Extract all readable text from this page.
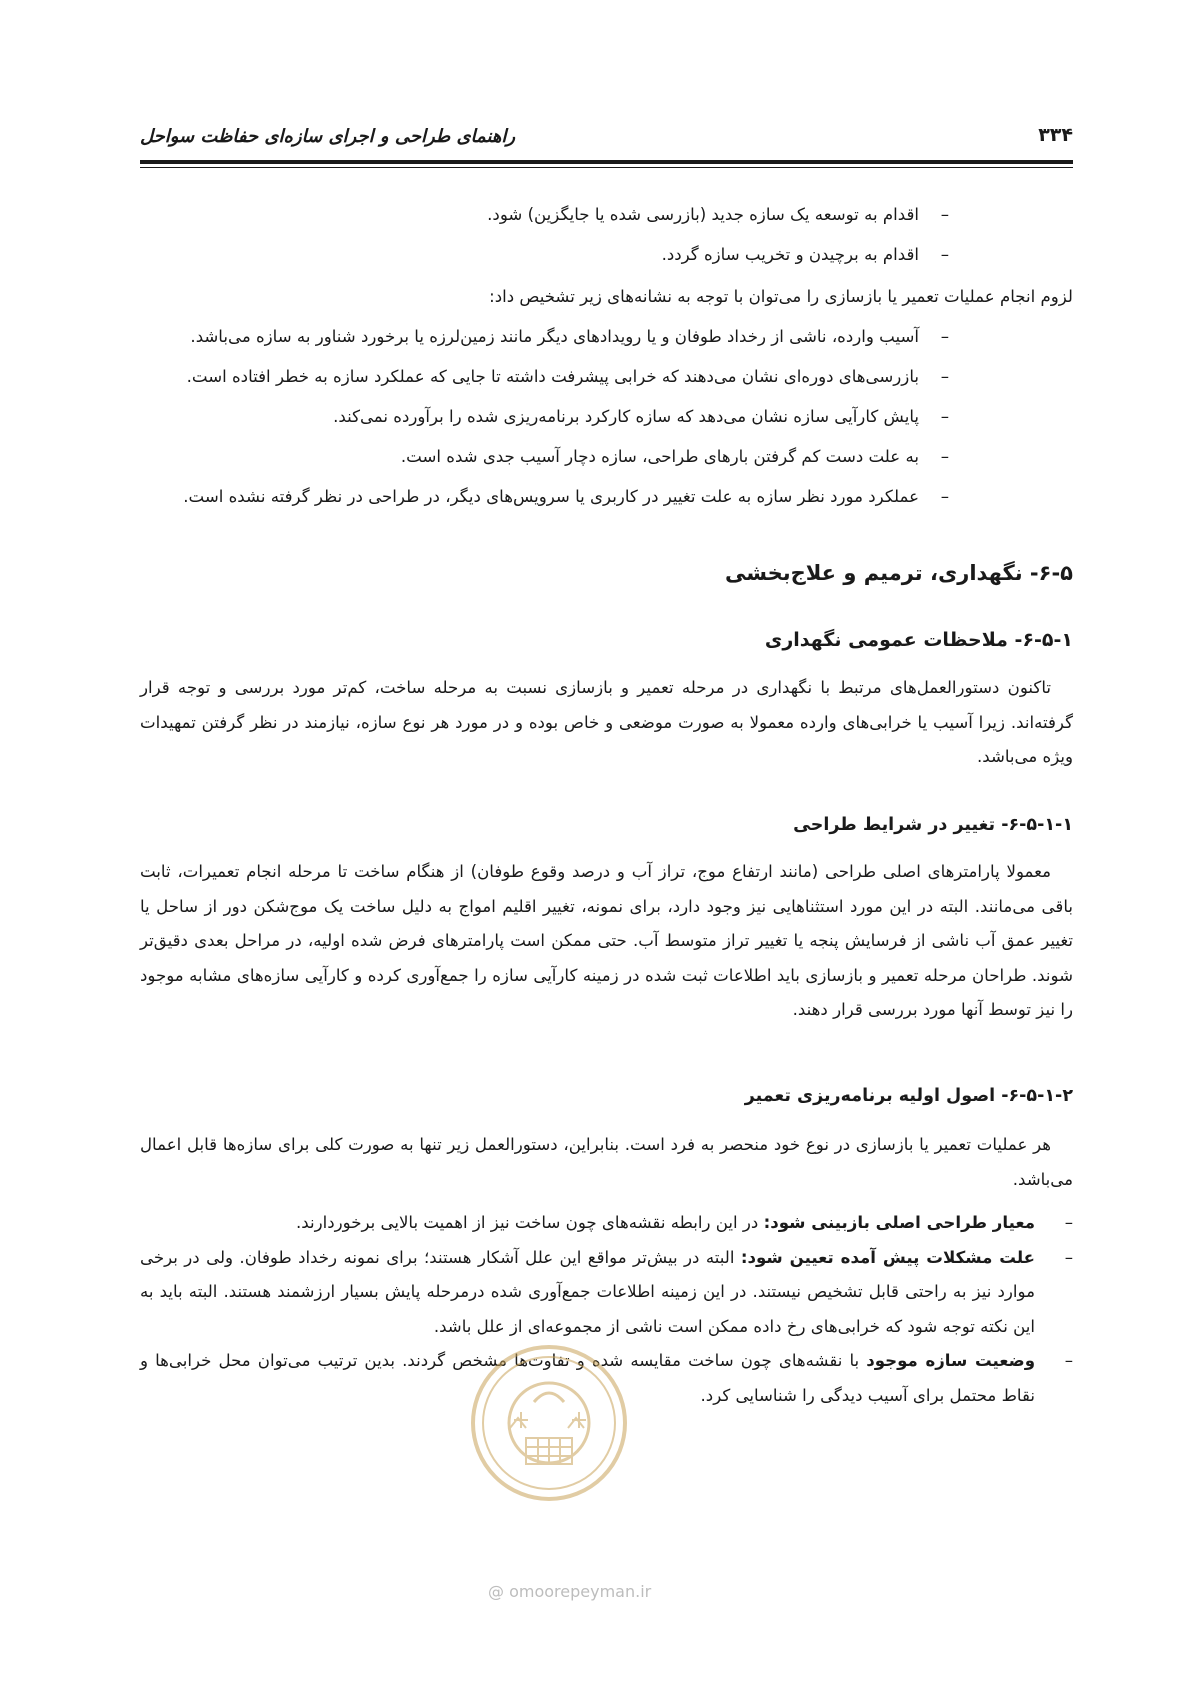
۳۳۴
راهنمای طراحی و اجرای سازه‌ای حفاظت سواحل
–
اقدام به توسعه یک سازه جدید (بازرسی شده یا جایگزین) شود.
–
اقدام به برچیدن و تخریب سازه گردد.
لزوم انجام عملیات تعمیر یا بازسازی را می‌توان با توجه به نشانه‌های زیر تشخیص داد:
–
آسیب وارده، ناشی از رخداد طوفان و یا رویدادهای دیگر مانند زمین‌لرزه یا برخورد شناور به سازه می‌باشد.
–
بازرسی‌های دوره‌ای نشان می‌دهند که خرابی پیشرفت داشته تا جایی که عملکرد سازه به خطر افتاده است.
–
پایش کارآیی سازه نشان می‌دهد که سازه کارکرد برنامه‌ریزی شده را برآورده نمی‌کند.
–
به علت دست کم گرفتن بارهای طراحی، سازه دچار آسیب جدی شده است.
–
عملکرد مورد نظر سازه به علت تغییر در کاربری یا سرویس‌های دیگر، در طراحی در نظر گرفته نشده است.
۶-۵- نگهداری، ترمیم و علاج‌بخشی
۶-۵-۱- ملاحظات عمومی نگهداری
تاکنون دستورالعمل‌های مرتبط با نگهداری در مرحله تعمیر و بازسازی نسبت به مرحله ساخت، کم‌تر مورد بررسی و توجه قرار گرفته‌اند. زیرا آسیب یا خرابی‌های وارده معمولا به صورت موضعی و خاص بوده و در مورد هر نوع سازه، نیازمند در نظر گرفتن تمهیدات ویژه می‌باشد.
۶-۵-۱-۱- تغییر در شرایط طراحی
معمولا پارامترهای اصلی طراحی (مانند ارتفاع موج، تراز آب و درصد وقوع طوفان) از هنگام ساخت تا مرحله انجام تعمیرات، ثابت باقی می‌مانند. البته در این مورد استثناهایی نیز وجود دارد، برای نمونه، تغییر اقلیم امواج به دلیل ساخت یک موج‌شکن دور از ساحل یا تغییر عمق آب ناشی از فرسایش پنجه یا تغییر تراز متوسط آب. حتی ممکن است پارامترهای فرض شده اولیه، در مراحل بعدی دقیق‌تر شوند. طراحان مرحله تعمیر و بازسازی باید اطلاعات ثبت شده در زمینه کارآیی سازه را جمع‌آوری کرده و کارآیی سازه‌های مشابه موجود را نیز توسط آنها مورد بررسی قرار دهند.
۶-۵-۱-۲- اصول اولیه برنامه‌ریزی تعمیر
هر عملیات تعمیر یا بازسازی در نوع خود منحصر به فرد است. بنابراین، دستورالعمل زیر تنها به صورت کلی برای سازه‌ها قابل اعمال می‌باشد.
–
معیار طراحی اصلی بازبینی شود: در این رابطه نقشه‌های چون ساخت نیز از اهمیت بالایی برخوردارند.
–
علت مشکلات پیش آمده تعیین شود: البته در بیش‌تر مواقع این علل آشکار هستند؛ برای نمونه رخداد طوفان. ولی در برخی موارد نیز به راحتی قابل تشخیص نیستند. در این زمینه اطلاعات جمع‌آوری شده درمرحله پایش بسیار ارزشمند هستند. البته باید به این نکته توجه شود که خرابی‌های رخ داده ممکن است ناشی از مجموعه‌ای از علل باشد.
–
وضعیت سازه موجود با نقشه‌های چون ساخت مقایسه شده و تفاوت‌ها مشخص گردند. بدین ترتیب می‌توان محل خرابی‌ها و نقاط محتمل برای آسیب دیدگی را شناسایی کرد.
@ omoorepeyman.ir
